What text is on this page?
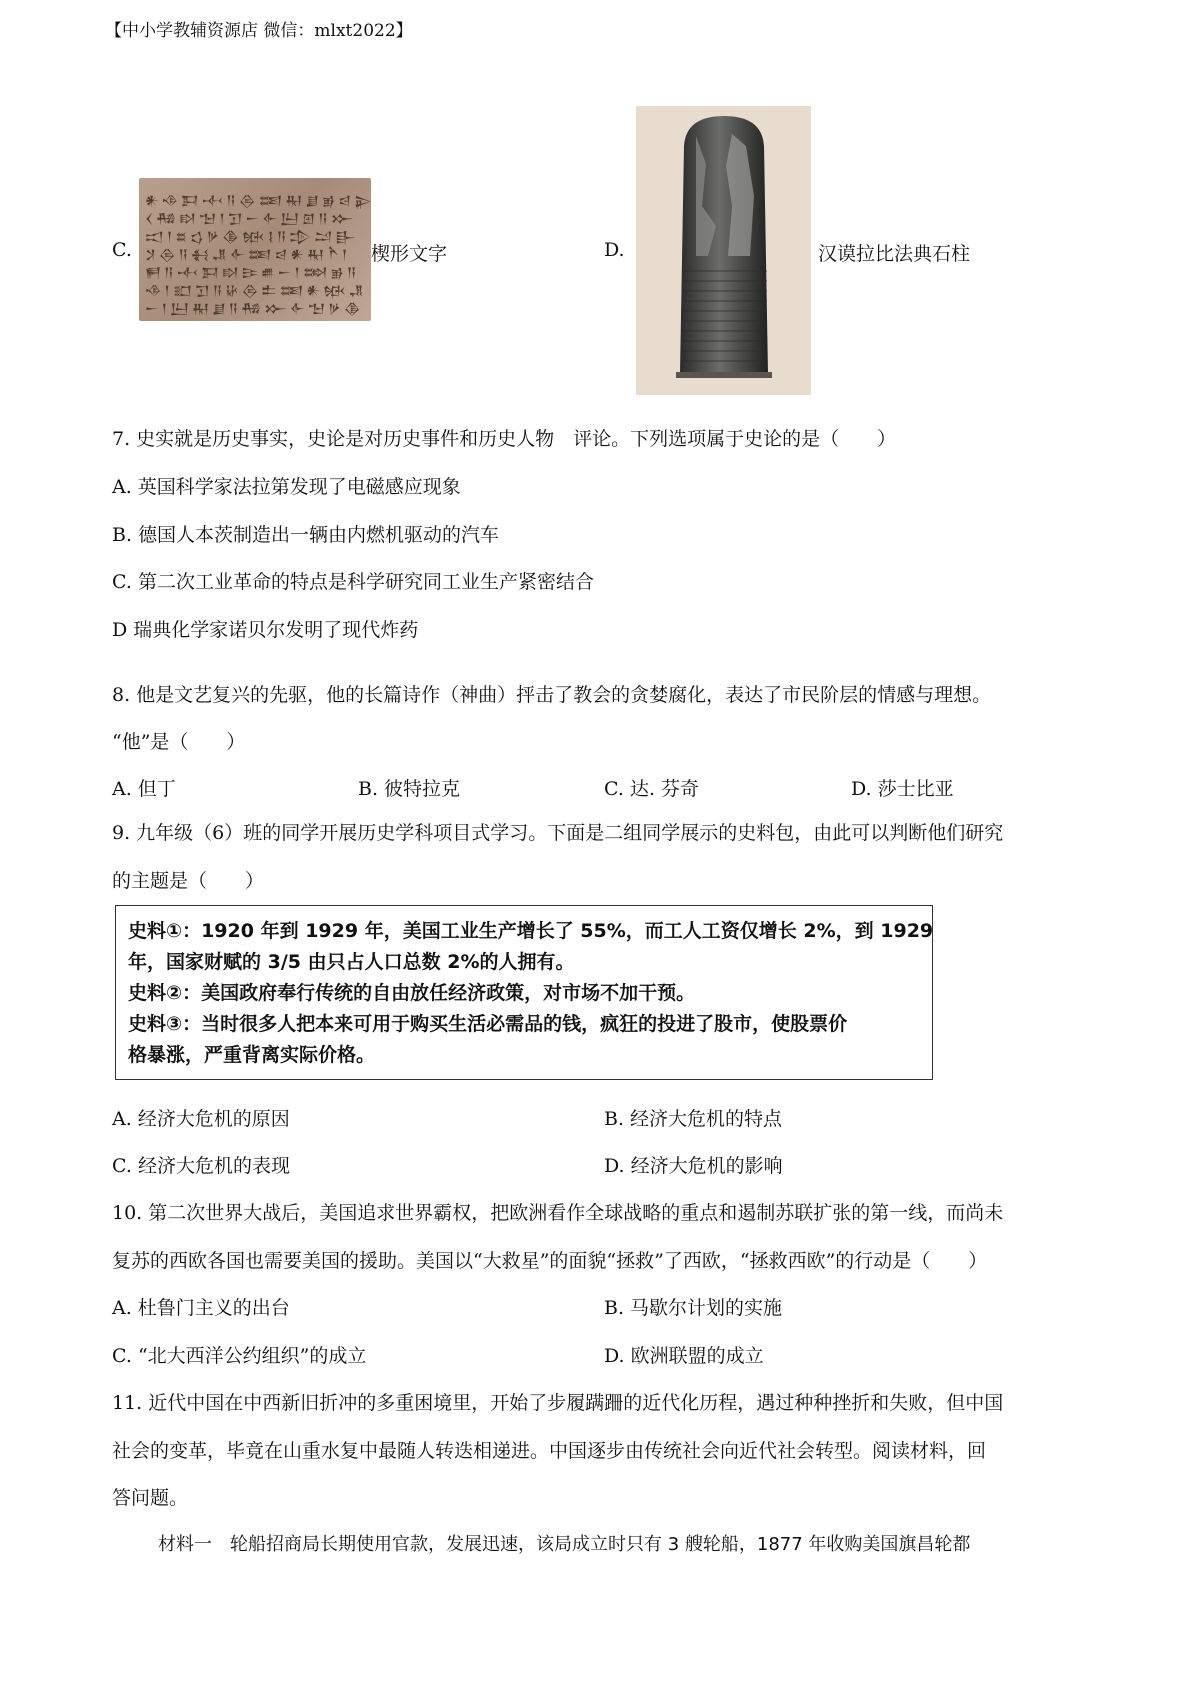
【中小学教辅资源店 微信：mlxt2022】
C.
𒀭𒈾𒁕𒋾𒀀𒁲𒌅𒊑𒋗𒂊𒁀𒉌
𒌋𒄀𒊭𒈠𒁹𒋛𒀸𒅆𒌨𒇻𒀀𒁍
𒀊𒁹𒊺𒌓𒃻𒆠𒁮𒋙𒀀𒄠𒁺𒃲
𒋡𒁲𒀀𒈬𒂗𒅆𒌅𒁀𒀭𒊑𒋻𒁹
𒂍𒀀𒋾𒁕𒊭𒄿𒌑𒀸𒁹𒇷𒂊𒀀
𒈾𒁹𒊬𒋛𒀀𒄩𒁲𒉺𒌅𒀭𒁮𒂗
𒀸𒁹𒌨𒊑𒋗𒀀𒄀𒁍𒅆𒈠𒃻𒆠
楔形文字	D.	汉谟拉比法典石柱
7. 史实就是历史事实，史论是对历史事件和历史人物　评论。下列选项属于史论的是（　　）
A. 英国科学家法拉第发现了电磁感应现象
B. 德国人本茨制造出一辆由内燃机驱动的汽车
C. 第二次工业革命的特点是科学研究同工业生产紧密结合
D 瑞典化学家诺贝尔发明了现代炸药
8. 他是文艺复兴的先驱，他的长篇诗作（神曲）抨击了教会的贪婪腐化，表达了市民阶层的情感与理想。
“他”是（　　）
A. 但丁	B. 彼特拉克	C. 达. 芬奇	D. 莎士比亚
9. 九年级（6）班的同学开展历史学科项目式学习。下面是二组同学展示的史料包，由此可以判断他们研究
的主题是（　　）
史料①：1920 年到 1929 年，美国工业生产增长了 55%，而工人工资仅增长 2%，到 1929
年，国家财赋的 3/5 由只占人口总数 2%的人拥有。
史料②：美国政府奉行传统的自由放任经济政策，对市场不加干预。
史料③：当时很多人把本来可用于购买生活必需品的钱，疯狂的投进了股市，使股票价
格暴涨，严重背离实际价格。
A. 经济大危机的原因	B. 经济大危机的特点
C. 经济大危机的表现	D. 经济大危机的影响
10. 第二次世界大战后，美国追求世界霸权，把欧洲看作全球战略的重点和遏制苏联扩张的第一线，而尚未
复苏的西欧各国也需要美国的援助。美国以“大救星”的面貌“拯救”了西欧，“拯救西欧”的行动是（　　）
A. 杜鲁门主义的出台	B. 马歇尔计划的实施
C. “北大西洋公约组织”的成立	D. 欧洲联盟的成立
11. 近代中国在中西新旧折冲的多重困境里，开始了步履蹒跚的近代化历程，遇过种种挫折和失败，但中国
社会的变革，毕竟在山重水复中最随人转迭相递进。中国逐步由传统社会向近代社会转型。阅读材料，回
答问题。
材料一　轮船招商局长期使用官款，发展迅速，该局成立时只有 3 艘轮船，1877 年收购美国旗昌轮都
